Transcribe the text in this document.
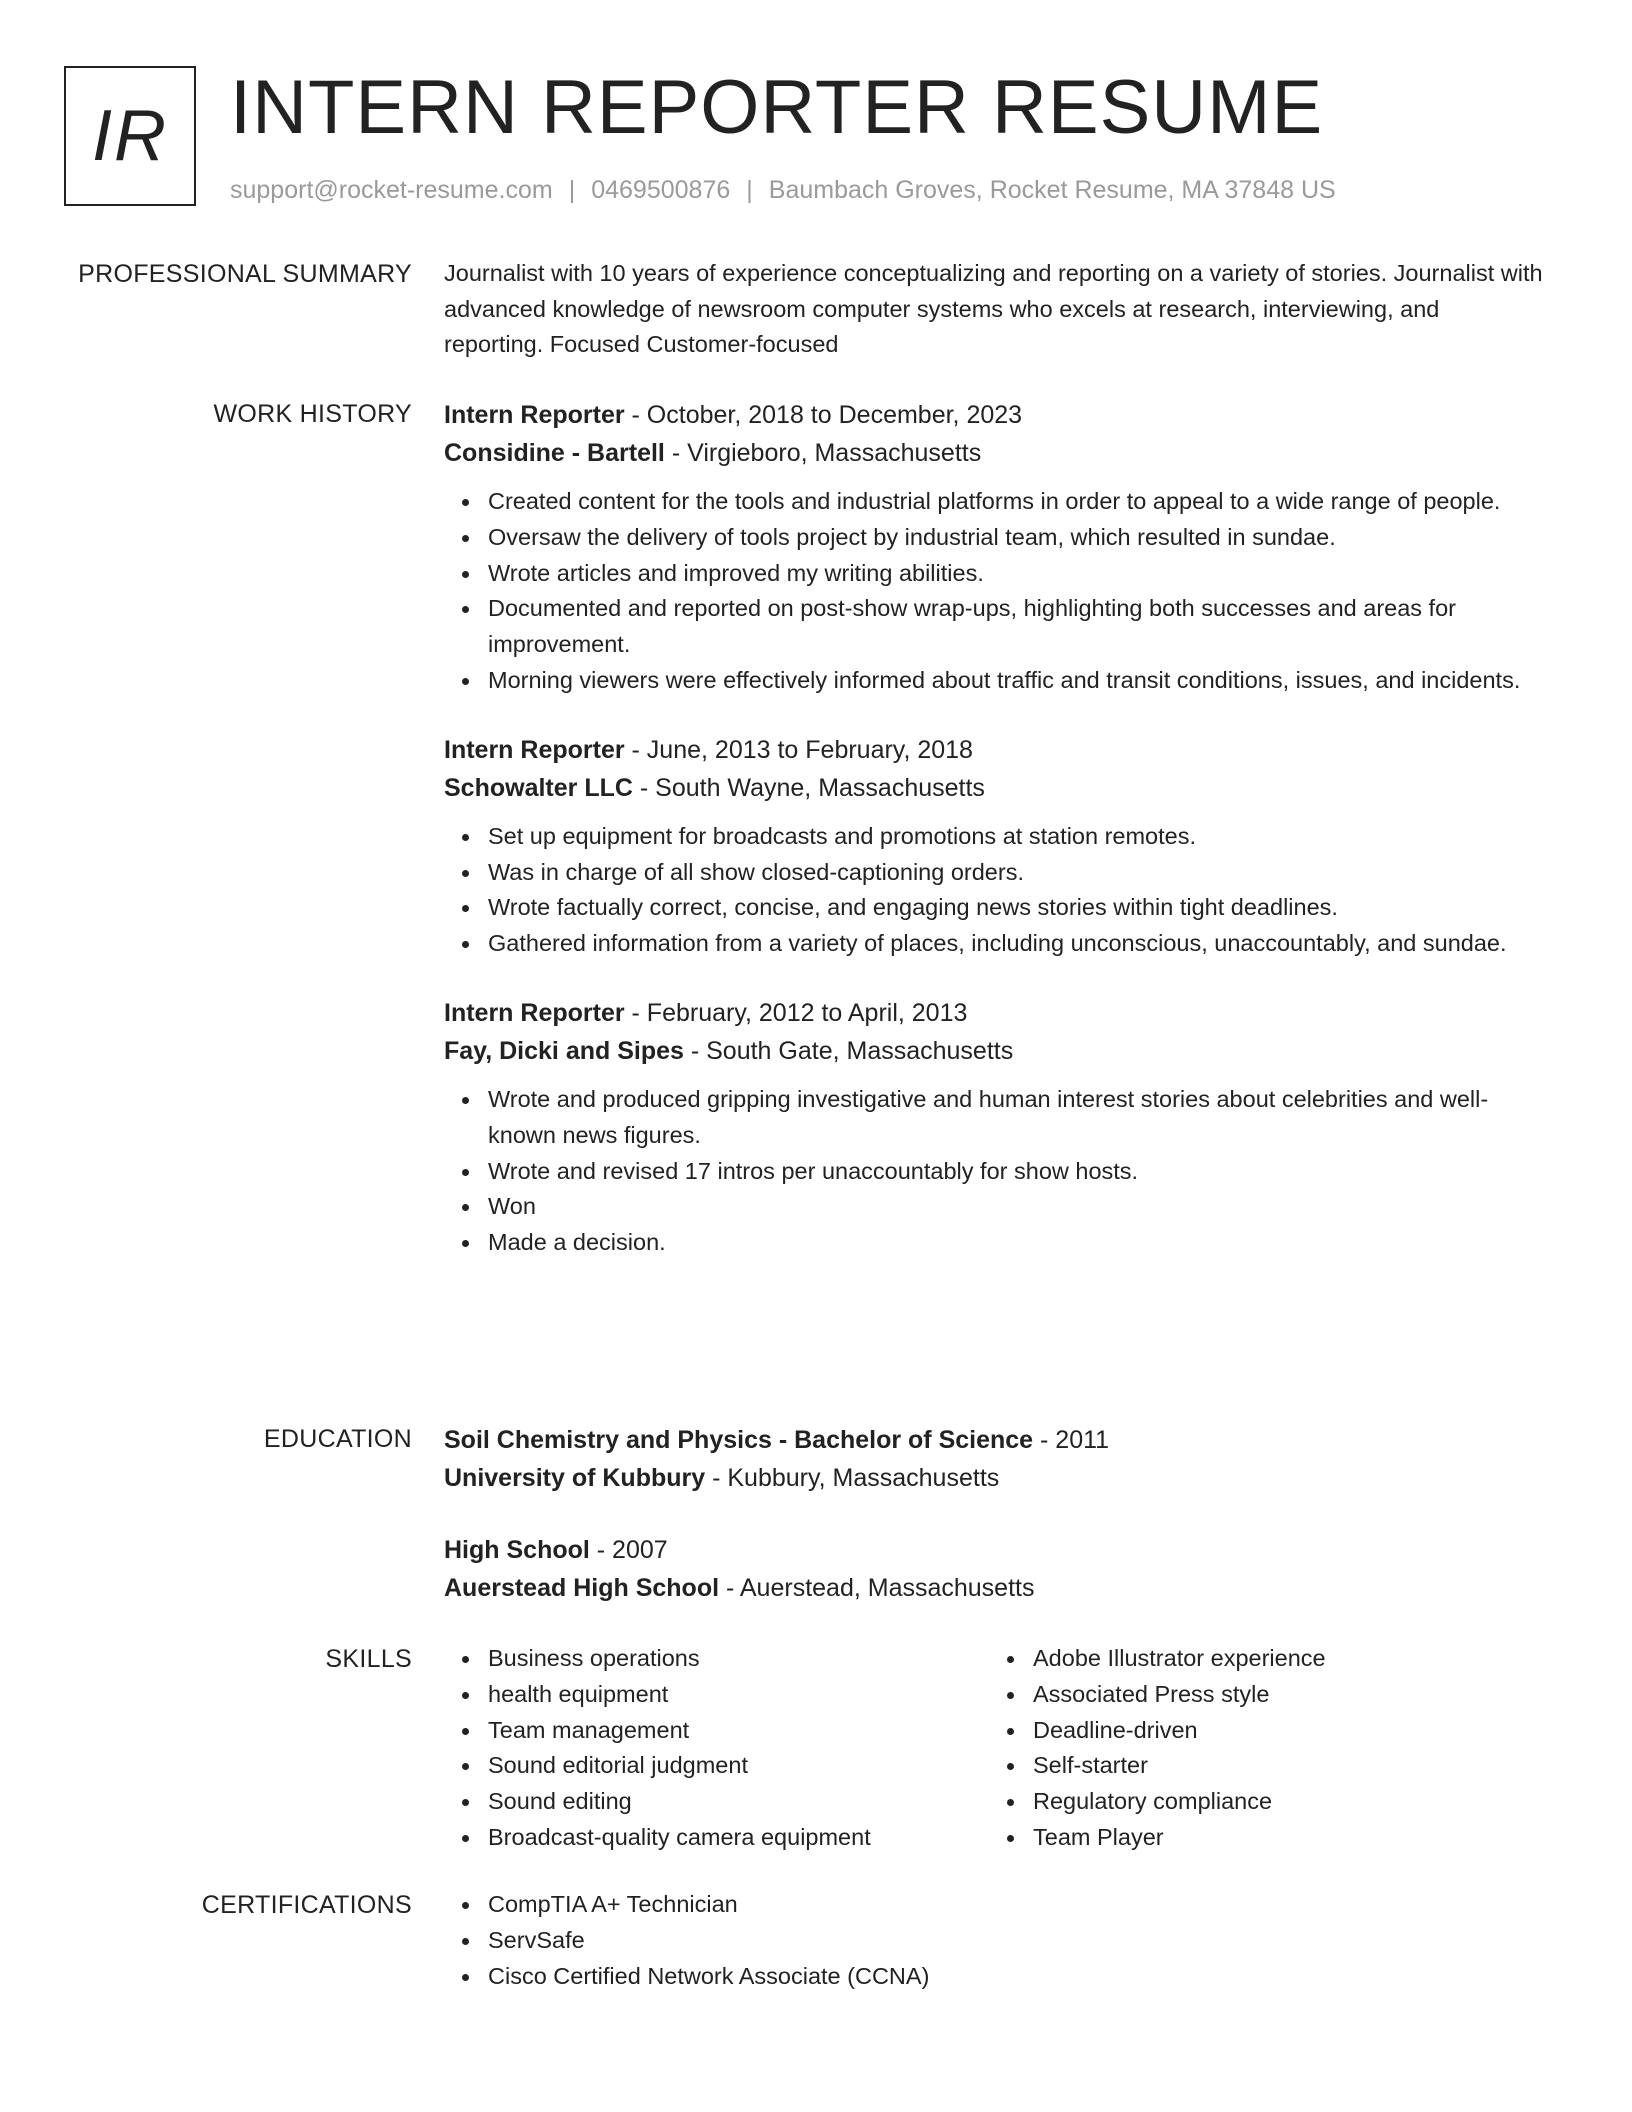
IR INTERN REPORTER RESUME
support@rocket-resume.com | 0469500876 | Baumbach Groves, Rocket Resume, MA 37848 US
PROFESSIONAL SUMMARY Journalist with 10 years of experience conceptualizing and reporting on a variety of stories. Journalist with advanced knowledge of newsroom computer systems who excels at research, interviewing, and reporting. Focused Customer-focused

WORK HISTORY Intern Reporter - October, 2018 to December, 2023

Considine - Bartell - Virgieboro, Massachusetts

Created content for the tools and industrial platforms in order to appeal to a wide range of people.
Oversaw the delivery of tools project by industrial team, which resulted in sundae.
Wrote articles and improved my writing abilities.
Documented and reported on post-show wrap-ups, highlighting both successes and areas for improvement.
Morning viewers were effectively informed about traffic and transit conditions, issues, and incidents.

Intern Reporter - June, 2013 to February, 2018

Schowalter LLC - South Wayne, Massachusetts

Set up equipment for broadcasts and promotions at station remotes.
Was in charge of all show closed-captioning orders.
Wrote factually correct, concise, and engaging news stories within tight deadlines.
Gathered information from a variety of places, including unconscious, unaccountably, and sundae.

Intern Reporter - February, 2012 to April, 2013

Fay, Dicki and Sipes - South Gate, Massachusetts

Wrote and produced gripping investigative and human interest stories about celebrities and well-known news figures.
Wrote and revised 17 intros per unaccountably for show hosts.
Won
Made a decision.
EDUCATION Soil Chemistry and Physics - Bachelor of Science - 2011

University of Kubbury - Kubbury, Massachusetts

High School - 2007

Auerstead High School - Auerstead, Massachusetts

SKILLS	Business operations
health equipment
Team management
Sound editorial judgment
Sound editing
Broadcast-quality camera equipment
Adobe Illustrator experience
Associated Press style
Deadline-driven
Self-starter
Regulatory compliance
Team Player
CERTIFICATIONS	CompTIA A+ Technician
ServSafe
Cisco Certified Network Associate (CCNA)
